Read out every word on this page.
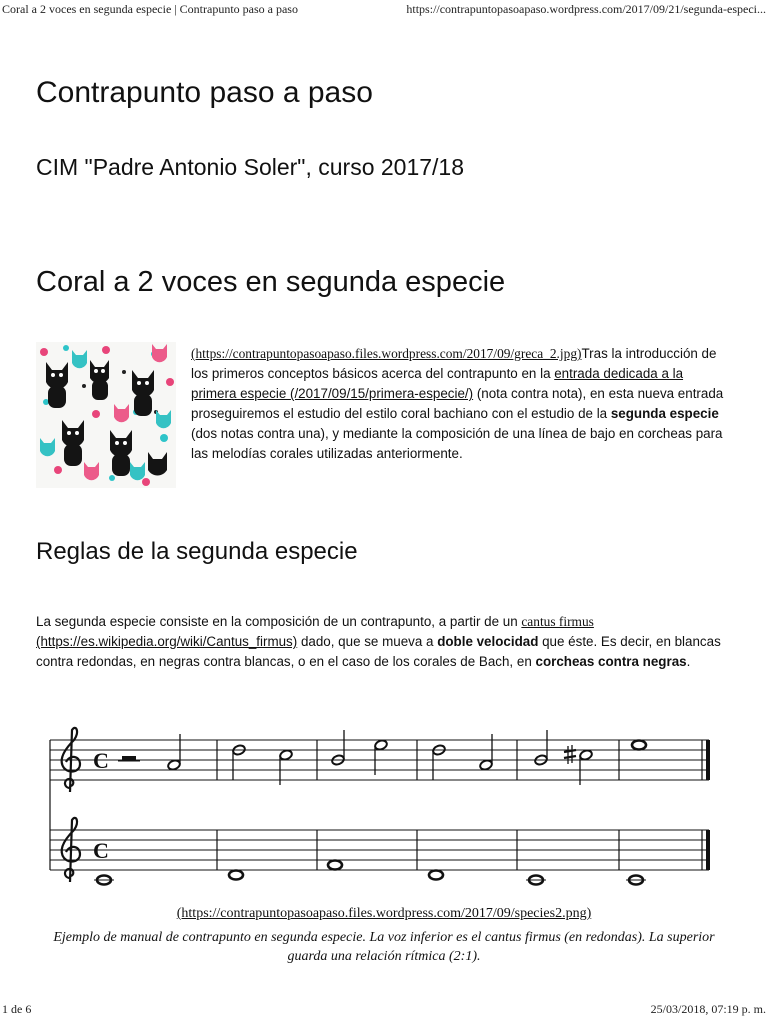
Coral a 2 voces en segunda especie | Contrapunto paso a paso	https://contrapuntopasoapaso.wordpress.com/2017/09/21/segunda-especi...
Contrapunto paso a paso
CIM "Padre Antonio Soler", curso 2017/18
Coral a 2 voces en segunda especie

(https://contrapuntopasoapaso.files.wordpress.com/2017/09/greca_2.jpg)Tras la introducción de los primeros conceptos básicos acerca del contrapunto en la entrada dedicada a la primera especie (/2017/09/15/primera-especie/) (nota contra nota), en esta nueva entrada proseguiremos el estudio del estilo coral bachiano con el estudio de la segunda especie (dos notas contra una), y mediante la composición de una línea de bajo en corcheas para las melodías corales utilizadas anteriormente.

Reglas de la segunda especie

La segunda especie consiste en la composición de un contrapunto, a partir de un cantus firmus
(https://es.wikipedia.org/wiki/Cantus_firmus) dado, que se mueva a doble velocidad que éste. Es decir, en blancas contra redondas, en negras contra blancas, o en el caso de los corales de Bach, en corcheas contra negras.

C
C
(https://contrapuntopasoapaso.files.wordpress.com/2017/09/species2.png)
Ejemplo de manual de contrapunto en segunda especie. La voz inferior es el cantus firmus (en redondas). La superior guarda una relación rítmica (2:1).
1 de 6	25/03/2018, 07:19 p. m.
